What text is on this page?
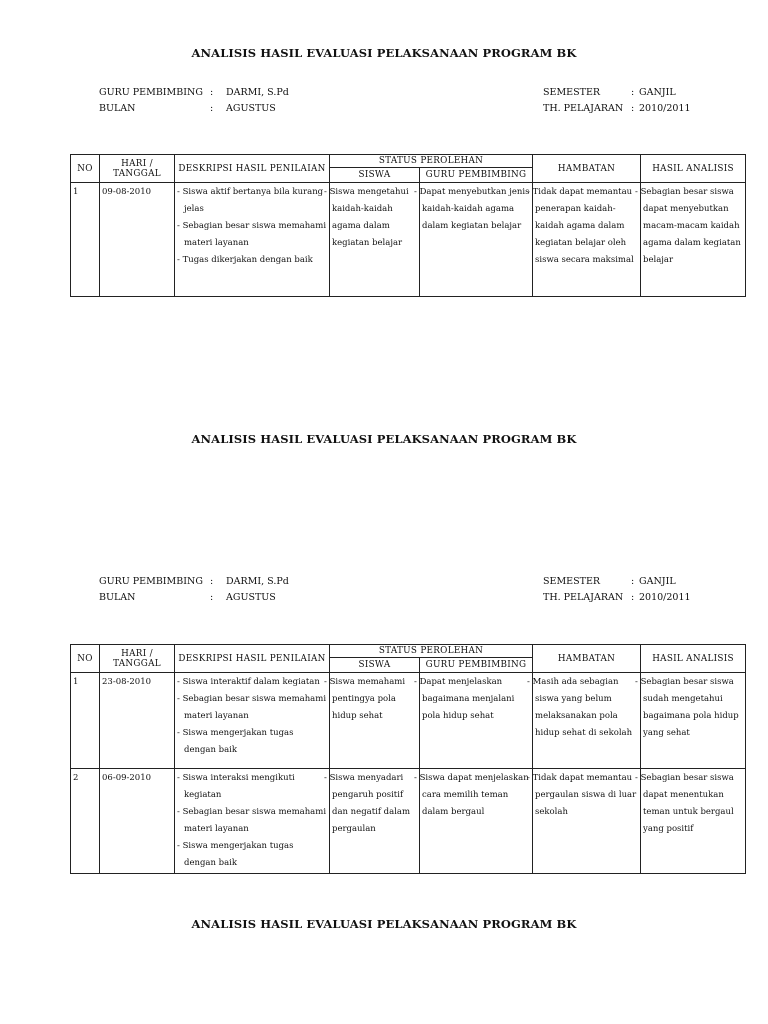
ANALISIS HASIL EVALUASI PELAKSANAAN PROGRAM BK
GURU PEMBIMBING : DARMI, S.Pd
BULAN	: AGUSTUS
SEMESTER	: GANJIL
TH. PELAJARAN : 2010/2011
NO	HARI / TANGGAL	DESKRIPSI HASIL PENILAIAN	STATUS PEROLEHAN		HAMBATAN	HASIL ANALISIS
			SISWA	GURU PEMBIMBING		
1	09-08-2010	- Siswa aktif bertanya bila kurang jelas
- Sebagian besar siswa memahami materi layanan
- Tugas dikerjakan dengan baik	- Siswa mengetahui kaidah-kaidah agama dalam kegiatan belajar	- Dapat menyebutkan jenis kaidah-kaidah agama dalam kegiatan belajar	- Tidak dapat memantau penerapan kaidah-kaidah agama dalam kegiatan belajar oleh siswa secara maksimal	- Sebagian besar siswa dapat menyebutkan macam-macam kaidah agama dalam kegiatan belajar
ANALISIS HASIL EVALUASI PELAKSANAAN PROGRAM BK
GURU PEMBIMBING : DARMI, S.Pd
BULAN	: AGUSTUS
SEMESTER	: GANJIL
TH. PELAJARAN : 2010/2011
NO	HARI / TANGGAL	DESKRIPSI HASIL PENILAIAN	STATUS PEROLEHAN		HAMBATAN	HASIL ANALISIS
			SISWA	GURU PEMBIMBING		
1	23-08-2010	- Siswa interaktif dalam kegiatan
- Sebagian besar siswa memahami materi layanan
- Siswa mengerjakan tugas dengan baik	- Siswa memahami pentingya pola hidup sehat	- Dapat menjelaskan bagaimana menjalani pola hidup sehat	- Masih ada sebagian siswa yang belum melaksanakan pola hidup sehat di sekolah	- Sebagian besar siswa sudah mengetahui bagaimana pola hidup yang sehat
2	06-09-2010	- Siswa interaksi mengikuti kegiatan
- Sebagian besar siswa memahami materi layanan
- Siswa mengerjakan tugas dengan baik	- Siswa menyadari pengaruh positif dan negatif dalam pergaulan	- Siswa dapat menjelaskan cara memilih teman dalam bergaul	- Tidak dapat memantau pergaulan siswa di luar sekolah	- Sebagian besar siswa dapat menentukan teman untuk bergaul yang positif
ANALISIS HASIL EVALUASI PELAKSANAAN PROGRAM BK
